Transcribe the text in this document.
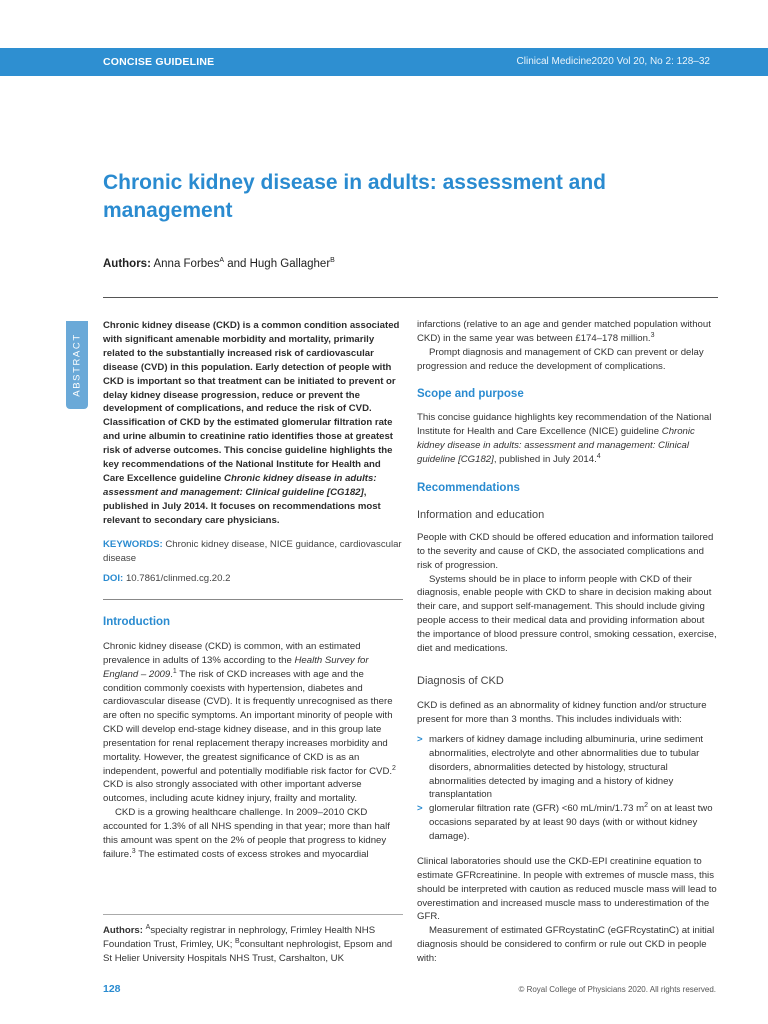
CONCISE GUIDELINE	Clinical Medicine2020 Vol 20, No 2: 128–32
Chronic kidney disease in adults: assessment and management
Authors: Anna Forbes$^A$ and Hugh Gallagher$^B$
ABSTRACT
Chronic kidney disease (CKD) is a common condition associated with significant amenable morbidity and mortality, primarily related to the substantially increased risk of cardiovascular disease (CVD) in this population. Early detection of people with CKD is important so that treatment can be initiated to prevent or delay kidney disease progression, reduce or prevent the development of complications, and reduce the risk of CVD. Classification of CKD by the estimated glomerular filtration rate and urine albumin to creatinine ratio identifies those at greatest risk of adverse outcomes. This concise guideline highlights the key recommendations of the National Institute for Health and Care Excellence guideline Chronic kidney disease in adults: assessment and management: Clinical guideline [CG182], published in July 2014. It focuses on recommendations most relevant to secondary care physicians.
KEYWORDS: Chronic kidney disease, NICE guidance, cardiovascular disease
DOI: 10.7861/clinmed.cg.20.2
Introduction

Chronic kidney disease (CKD) is common, with an estimated prevalence in adults of 13% according to the Health Survey for England – 2009.$^1$ The risk of CKD increases with age and the condition commonly coexists with hypertension, diabetes and cardiovascular disease (CVD). It is frequently unrecognised as there are often no specific symptoms. An important minority of people with CKD will develop end-stage kidney disease, and in this group late presentation for renal replacement therapy increases morbidity and mortality. However, the greatest significance of CKD is as an independent, powerful and potentially modifiable risk factor for CVD.$^2$ CKD is also strongly associated with other important adverse outcomes, including acute kidney injury, frailty and mortality.

CKD is a growing healthcare challenge. In 2009–2010 CKD accounted for 1.3% of all NHS spending in that year; more than half this amount was spent on the 2% of people that progress to kidney failure.$^3$ The estimated costs of excess strokes and myocardial

Authors: $^A$specialty registrar in nephrology, Frimley Health NHS Foundation Trust, Frimley, UK; $^B$consultant nephrologist, Epsom and St Helier University Hospitals NHS Trust, Carshalton, UK

infarctions (relative to an age and gender matched population without CKD) in the same year was between £174–178 million.$^3$

Prompt diagnosis and management of CKD can prevent or delay progression and reduce the development of complications.

Scope and purpose

This concise guidance highlights key recommendation of the National Institute for Health and Care Excellence (NICE) guideline Chronic kidney disease in adults: assessment and management: Clinical guideline [CG182], published in July 2014.$^4$

Recommendations
Information and education

People with CKD should be offered education and information tailored to the severity and cause of CKD, the associated complications and risk of progression.

Systems should be in place to inform people with CKD of their diagnosis, enable people with CKD to share in decision making about their care, and support self-management. This should include giving people access to their medical data and providing information about the importance of blood pressure control, smoking cessation, exercise, diet and medications.

Diagnosis of CKD

CKD is defined as an abnormality of kidney function and/or structure present for more than 3 months. This includes individuals with:

> markers of kidney damage including albuminuria, urine sediment abnormalities, electrolyte and other abnormalities due to tubular disorders, abnormalities detected by histology, structural abnormalities detected by imaging and a history of kidney transplantation
> glomerular filtration rate (GFR) <60 mL/min/1.73 $m^2$ on at least two occasions separated by at least 90 days (with or without kidney damage).

Clinical laboratories should use the CKD-EPI creatinine equation to estimate GFRcreatinine. In people with extremes of muscle mass, this should be interpreted with caution as reduced muscle mass will lead to overestimation and increased muscle mass to underestimation of the GFR.

Measurement of estimated GFRcystatinC (eGFRcystatinC) at initial diagnosis should be considered to confirm or rule out CKD in people with:

128	© Royal College of Physicians 2020. All rights reserved.
